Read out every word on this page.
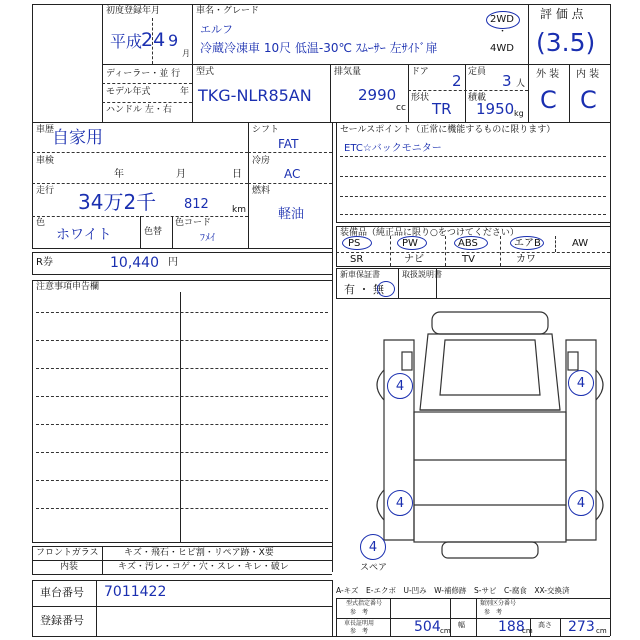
初度登録年月
平成
24 9
月
車名・グレード
エルフ
冷蔵冷凍車 10尺 低温-30℃ ｽﾑｰｻｰ 左ｻｲﾄﾞ扉
2WD
・
4WD
評 価 点
(3.5)
ディーラー・並 行
モデル年式	年
ハンドル 左・右
型式
TKG-NLR85AN
排気量
2990
cc
ドア 2 定員 3 人
形状
TR
積載
1950 kg
外 装 内 装
C C
車歴
自家用
車検
年	月	日
走行 34万2千 812	km
色
ホワイト	色替
色コード
ﾌﾒｲ
R券	10,440 円
注意事項申告欄
シフト
FAT
冷房
AC
燃料
軽油
セールスポイント（正常に機能するものに限ります）
ETC☆バックモニター
装備品（純正品に限り○をつけてください）
PS	PW	ABS	エアB	AW
SR	ナビ	TV	カワ
新車保証書
有 ・ 無
取扱説明書
4	4
4	4
4
スペア
フロントガラス	キズ・飛石・ヒビ割・リペア跡・X要
内装	キズ・汚レ・コゲ・穴・スレ・キレ・破レ
車台番号 7011422
登録番号
A-キズ　E-エクボ　U-凹み　W-補修跡　S-サビ　C-腐食　XX-交換済
型式指定番号
参　考
類別区分番号
参　考
車長証明用
参　考	504 cm
幅 188
cm
高さ 273 cm
